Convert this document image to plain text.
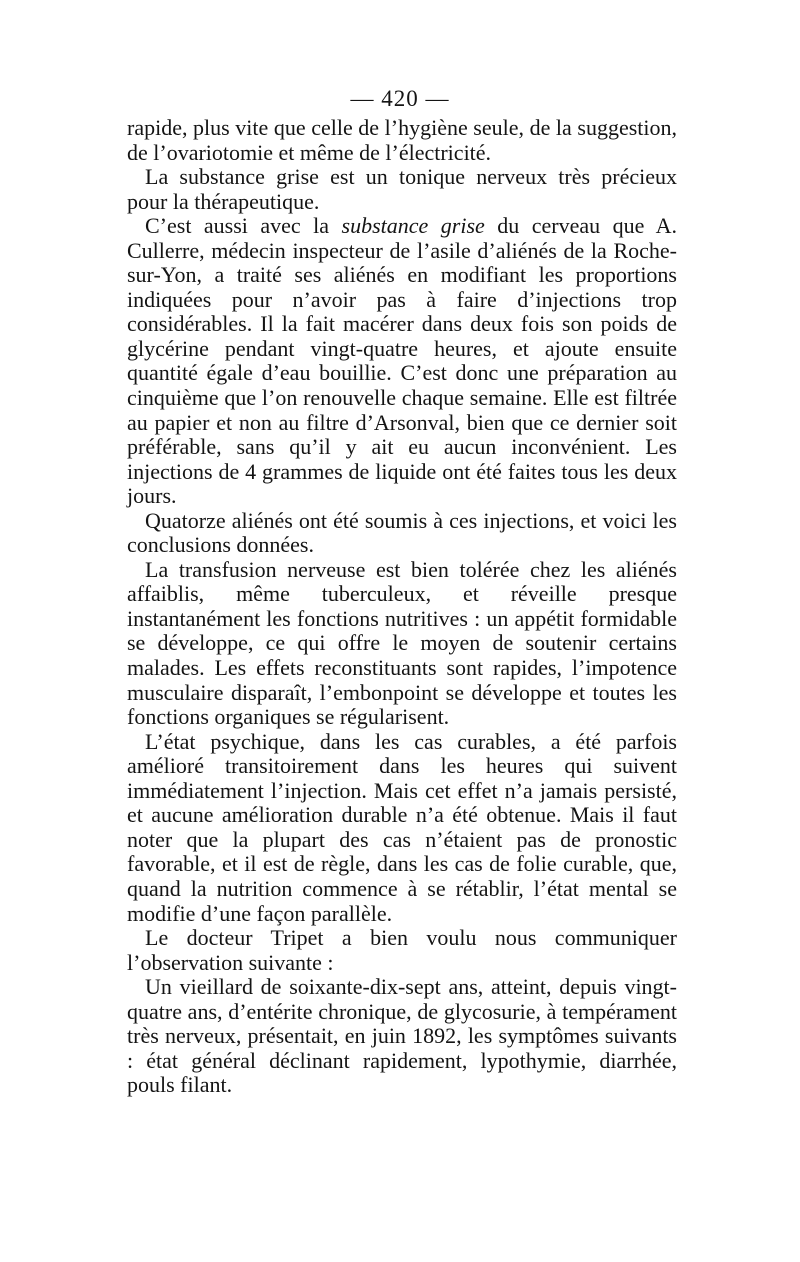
— 420 —

rapide, plus vite que celle de l’hygiène seule, de la suggestion, de l’ovariotomie et même de l’électricité.

La substance grise est un tonique nerveux très précieux pour la thérapeutique.

C’est aussi avec la substance grise du cerveau que A. Cullerre, médecin inspecteur de l’asile d’aliénés de la Roche-sur-Yon, a traité ses aliénés en modifiant les proportions indiquées pour n’avoir pas à faire d’injections trop considérables. Il la fait macérer dans deux fois son poids de glycérine pendant vingt-quatre heures, et ajoute ensuite quantité égale d’eau bouillie. C’est donc une préparation au cinquième que l’on renouvelle chaque semaine. Elle est filtrée au papier et non au filtre d’Arsonval, bien que ce dernier soit préférable, sans qu’il y ait eu aucun inconvénient. Les injections de 4 grammes de liquide ont été faites tous les deux jours.

Quatorze aliénés ont été soumis à ces injections, et voici les conclusions données.

La transfusion nerveuse est bien tolérée chez les aliénés affaiblis, même tuberculeux, et réveille presque instantanément les fonctions nutritives : un appétit formidable se développe, ce qui offre le moyen de soutenir certains malades. Les effets reconstituants sont rapides, l’impotence musculaire disparaît, l’embonpoint se développe et toutes les fonctions organiques se régularisent.

L’état psychique, dans les cas curables, a été parfois amélioré transitoirement dans les heures qui suivent immédiatement l’injection. Mais cet effet n’a jamais persisté, et aucune amélioration durable n’a été obtenue. Mais il faut noter que la plupart des cas n’étaient pas de pronostic favorable, et il est de règle, dans les cas de folie curable, que, quand la nutrition commence à se rétablir, l’état mental se modifie d’une façon parallèle.

Le docteur Tripet a bien voulu nous communiquer l’observation suivante :

Un vieillard de soixante-dix-sept ans, atteint, depuis vingt-quatre ans, d’entérite chronique, de glycosurie, à tempérament très nerveux, présentait, en juin 1892, les symptômes suivants : état général déclinant rapidement, lypothymie, diarrhée, pouls filant.
